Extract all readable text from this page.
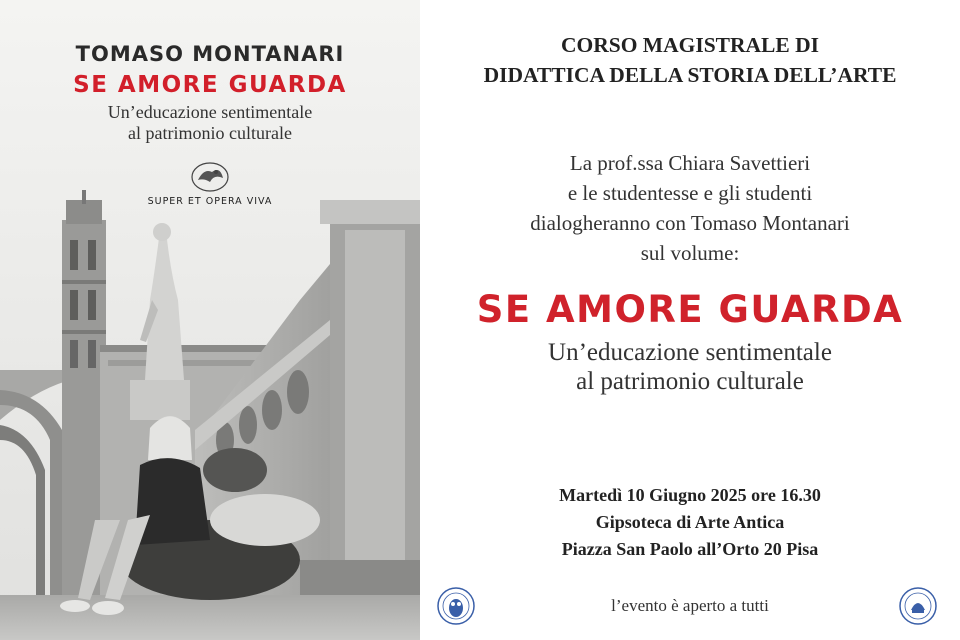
TOMASO MONTANARI
SE AMORE GUARDA
Un’educazione sentimentale
al patrimonio culturale
SUPER ET OPERA VIVA
CORSO MAGISTRALE DI
DIDATTICA DELLA STORIA DELL’ARTE
La prof.ssa Chiara Savettieri
e le studentesse e gli studenti
dialogheranno con Tomaso Montanari
sul volume:
SE AMORE GUARDA
Un’educazione sentimentale
al patrimonio culturale
Martedì 10 Giugno 2025 ore 16.30
Gipsoteca di Arte Antica
Piazza San Paolo all’Orto 20 Pisa
l’evento è aperto a tutti
